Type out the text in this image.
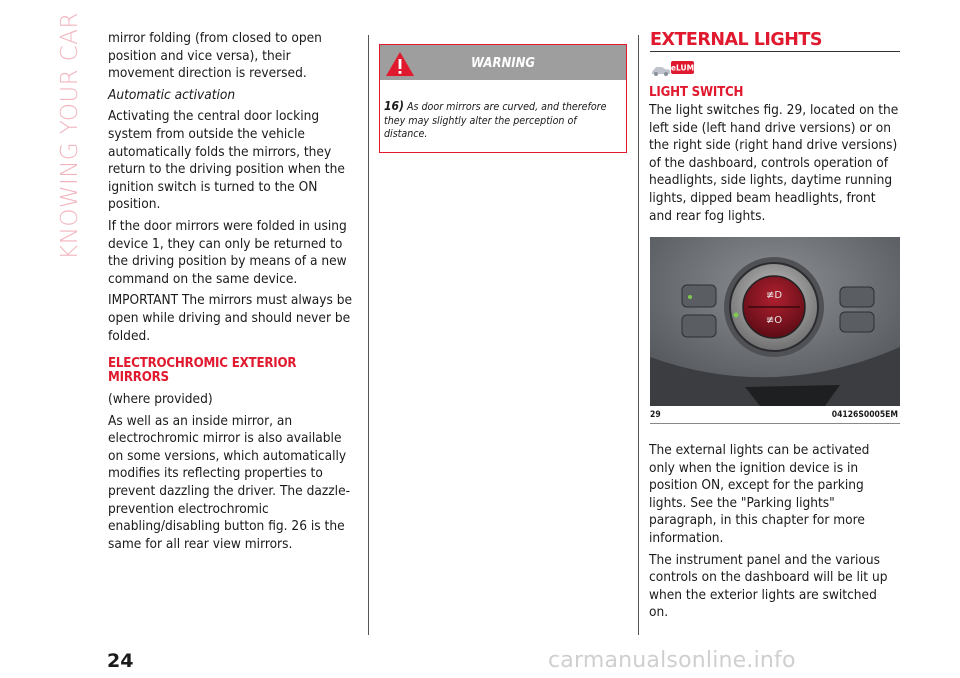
KNOWING YOUR CAR mirror folding (from closed to open position and vice versa), their movement direction is reversed.

Automatic activation

Activating the central door locking system from outside the vehicle automatically folds the mirrors, they return to the driving position when the ignition switch is turned to the ON position.

If the door mirrors were folded in using device 1, they can only be returned to the driving position by means of a new command on the same device.

IMPORTANT The mirrors must always be open while driving and should never be folded.

ELECTROCHROMIC EXTERIOR MIRRORS

(where provided)

As well as an inside mirror, an electrochromic mirror is also available on some versions, which automatically modifies its reflecting properties to prevent dazzling the driver. The dazzle-prevention electrochromic enabling/disabling button fig. 26 is the same for all rear view mirrors.

WARNING
16) As door mirrors are curved, and therefore they may slightly alter the perception of distance.
EXTERNAL LIGHTS
eLUM
LIGHT SWITCH

The light switches fig. 29, located on the left side (left hand drive versions) or on the right side (right hand drive versions) of the dashboard, controls operation of headlights, side lights, daytime running lights, dipped beam headlights, front and rear fog lights.

≢D
≢O
29	04126S0005EM

The external lights can be activated only when the ignition device is in position ON, except for the parking lights. See the "Parking lights" paragraph, in this chapter for more information.

The instrument panel and the various controls on the dashboard will be lit up when the exterior lights are switched on.

24	carmanualsonline.info
